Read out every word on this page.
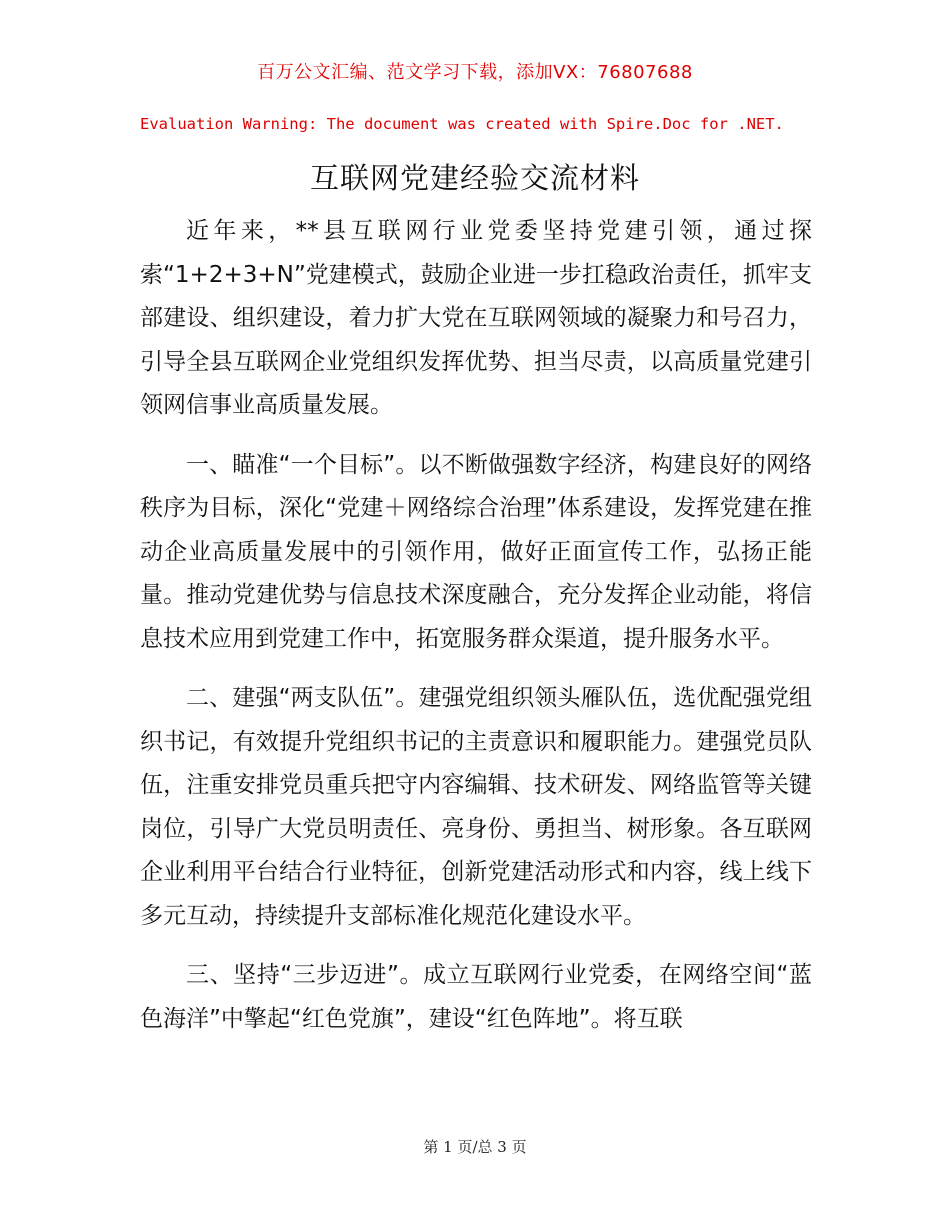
百万公文汇编、范文学习下载，添加VX：76807688
Evaluation Warning: The document was created with Spire.Doc for .NET.
互联网党建经验交流材料

近年来，**县互联网行业党委坚持党建引领，通过探索“1+2+3+N”党建模式，鼓励企业进一步扛稳政治责任，抓牢支部建设、组织建设，着力扩大党在互联网领域的凝聚力和号召力，引导全县互联网企业党组织发挥优势、担当尽责，以高质量党建引领网信事业高质量发展。

一、瞄准“一个目标”。以不断做强数字经济，构建良好的网络秩序为目标，深化“党建＋网络综合治理”体系建设，发挥党建在推动企业高质量发展中的引领作用，做好正面宣传工作，弘扬正能量。推动党建优势与信息技术深度融合，充分发挥企业动能，将信息技术应用到党建工作中，拓宽服务群众渠道，提升服务水平。

二、建强“两支队伍”。建强党组织领头雁队伍，选优配强党组织书记，有效提升党组织书记的主责意识和履职能力。建强党员队伍，注重安排党员重兵把守内容编辑、技术研发、网络监管等关键岗位，引导广大党员明责任、亮身份、勇担当、树形象。各互联网企业利用平台结合行业特征，创新党建活动形式和内容，线上线下多元互动，持续提升支部标准化规范化建设水平。

三、坚持“三步迈进”。成立互联网行业党委，在网络空间“蓝色海洋”中擎起“红色党旗”，建设“红色阵地”。将互联

第 1 页/总 3 页
